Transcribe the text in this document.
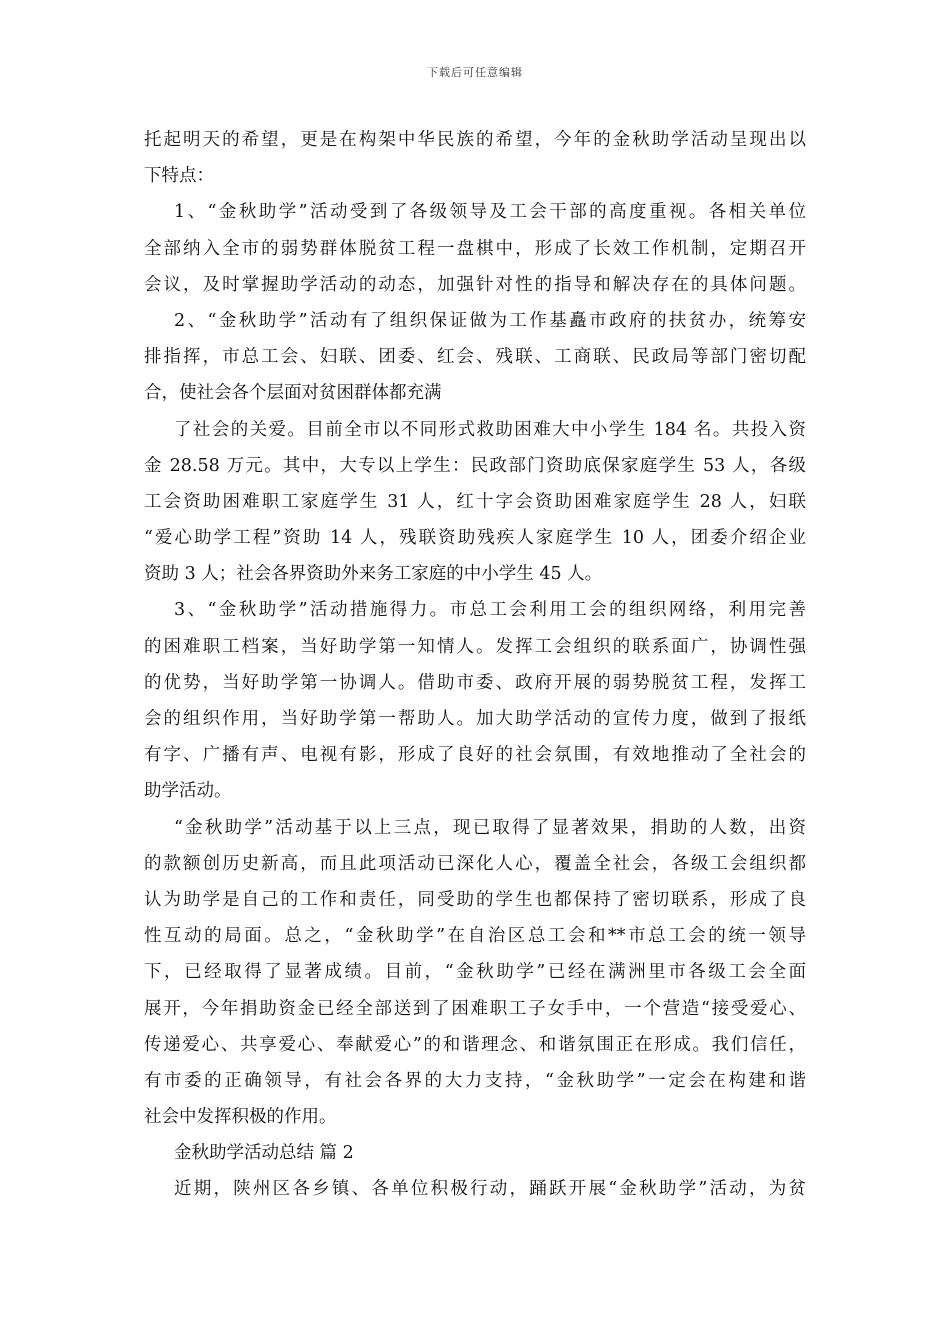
下载后可任意编辑
托起明天的希望，更是在构架中华民族的希望，今年的金秋助学活动呈现出以
下特点：
1、“金秋助学”活动受到了各级领导及工会干部的高度重视。各相关单位
全部纳入全市的弱势群体脱贫工程一盘棋中，形成了长效工作机制，定期召开
会议，及时掌握助学活动的动态，加强针对性的指导和解决存在的具体问题。
2、“金秋助学”活动有了组织保证做为工作基矗市政府的扶贫办，统筹安
排指挥，市总工会、妇联、团委、红会、残联、工商联、民政局等部门密切配
合，使社会各个层面对贫困群体都充满
了社会的关爱。目前全市以不同形式救助困难大中小学生 184 名。共投入资
金 28.58 万元。其中，大专以上学生：民政部门资助底保家庭学生 53 人，各级
工会资助困难职工家庭学生 31 人，红十字会资助困难家庭学生 28 人，妇联
“爱心助学工程”资助 14 人，残联资助残疾人家庭学生 10 人，团委介绍企业
资助 3 人；社会各界资助外来务工家庭的中小学生 45 人。
3、“金秋助学”活动措施得力。市总工会利用工会的组织网络，利用完善
的困难职工档案，当好助学第一知情人。发挥工会组织的联系面广，协调性强
的优势，当好助学第一协调人。借助市委、政府开展的弱势脱贫工程，发挥工
会的组织作用，当好助学第一帮助人。加大助学活动的宣传力度，做到了报纸
有字、广播有声、电视有影，形成了良好的社会氛围，有效地推动了全社会的
助学活动。
“金秋助学”活动基于以上三点，现已取得了显著效果，捐助的人数，出资
的款额创历史新高，而且此项活动已深化人心，覆盖全社会，各级工会组织都
认为助学是自己的工作和责任，同受助的学生也都保持了密切联系，形成了良
性互动的局面。总之，“金秋助学”在自治区总工会和**市总工会的统一领导
下，已经取得了显著成绩。目前，“金秋助学”已经在满洲里市各级工会全面
展开，今年捐助资金已经全部送到了困难职工子女手中，一个营造“接受爱心、
传递爱心、共享爱心、奉献爱心”的和谐理念、和谐氛围正在形成。我们信任，
有市委的正确领导，有社会各界的大力支持，“金秋助学”一定会在构建和谐
社会中发挥积极的作用。
金秋助学活动总结 篇 2
近期，陕州区各乡镇、各单位积极行动，踊跃开展“金秋助学”活动，为贫
